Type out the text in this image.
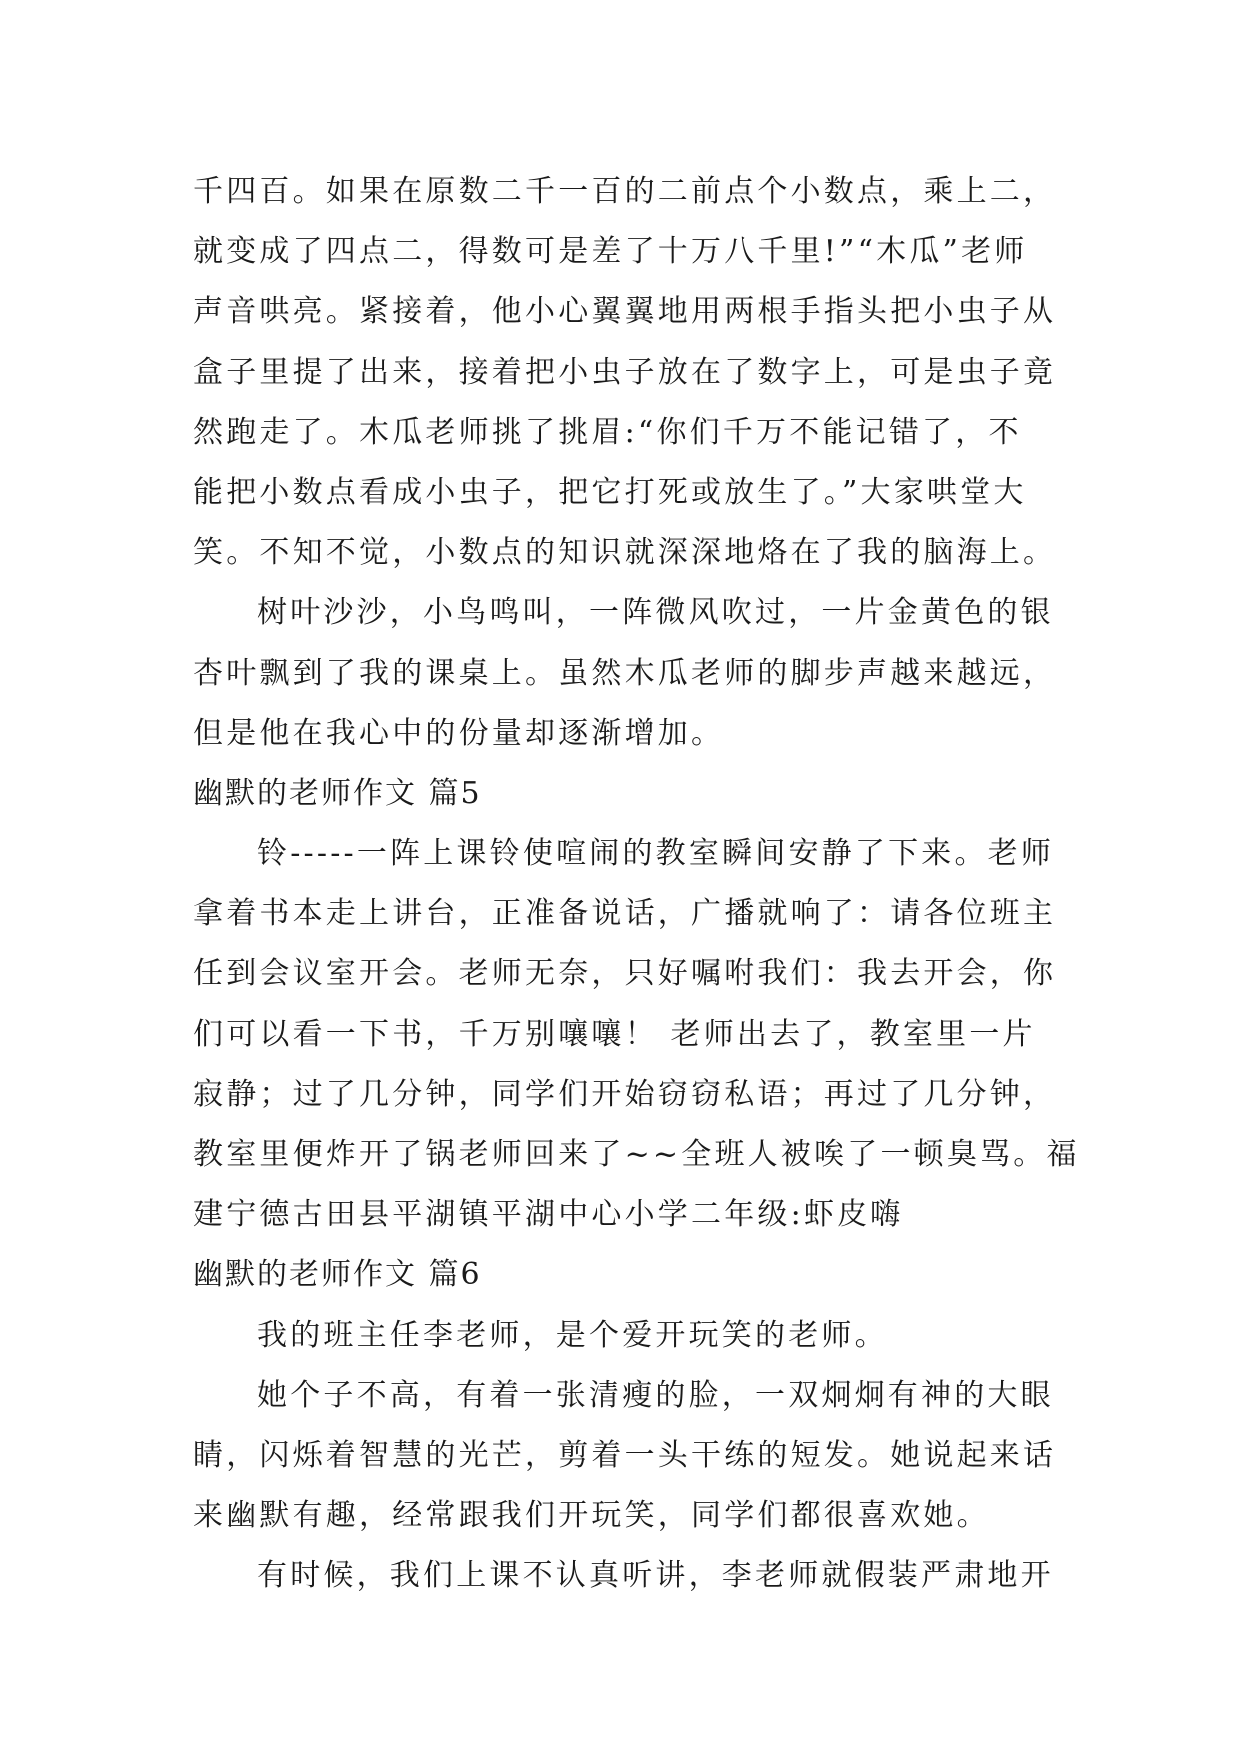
千四百。如果在原数二千一百的二前点个小数点，乘上二，
就变成了四点二，得数可是差了十万八千里!”“木瓜”老师
声音哄亮。紧接着，他小心翼翼地用两根手指头把小虫子从
盒子里提了出来，接着把小虫子放在了数字上，可是虫子竟
然跑走了。木瓜老师挑了挑眉:“你们千万不能记错了，不
能把小数点看成小虫子，把它打死或放生了。”大家哄堂大
笑。不知不觉，小数点的知识就深深地烙在了我的脑海上。
树叶沙沙，小鸟鸣叫，一阵微风吹过，一片金黄色的银
杏叶飘到了我的课桌上。虽然木瓜老师的脚步声越来越远，
但是他在我心中的份量却逐渐增加。
幽默的老师作文 篇5
铃-----一阵上课铃使喧闹的教室瞬间安静了下来。老师
拿着书本走上讲台，正准备说话，广播就响了：请各位班主
任到会议室开会。老师无奈，只好嘱咐我们：我去开会，你
们可以看一下书，千万别嚷嚷！ 老师出去了，教室里一片
寂静；过了几分钟，同学们开始窃窃私语；再过了几分钟，
教室里便炸开了锅老师回来了~~全班人被唉了一顿臭骂。福
建宁德古田县平湖镇平湖中心小学二年级:虾皮嗨
幽默的老师作文 篇6
我的班主任李老师，是个爱开玩笑的老师。
她个子不高，有着一张清瘦的脸，一双炯炯有神的大眼
睛，闪烁着智慧的光芒，剪着一头干练的短发。她说起来话
来幽默有趣，经常跟我们开玩笑，同学们都很喜欢她。
有时候，我们上课不认真听讲，李老师就假装严肃地开
